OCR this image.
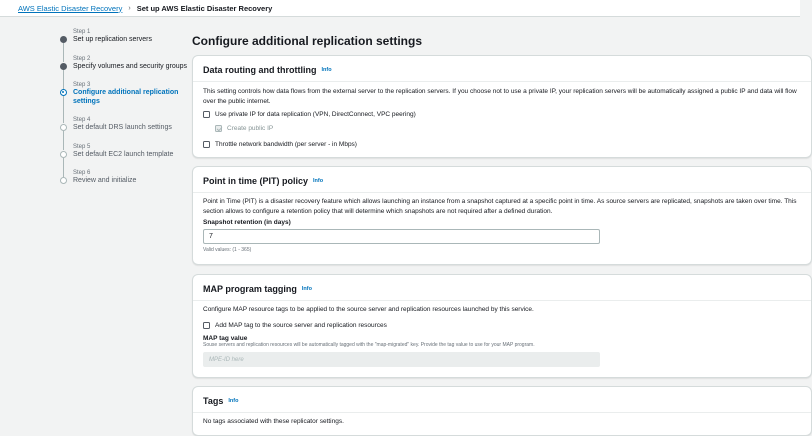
AWS Elastic Disaster Recovery › Set up AWS Elastic Disaster Recovery
Step 1
Set up replication servers
Step 2
Specify volumes and security groups
Step 3
Configure additional replication settings
Step 4
Set default DRS launch settings
Step 5
Set default EC2 launch template
Step 6
Review and initialize
Configure additional replication settings
Data routing and throttling Info
This setting controls how data flows from the external server to the replication servers. If you choose not to use a private IP, your replication servers will be automatically assigned a public IP and data will flow over the public internet.
Use private IP for data replication (VPN, DirectConnect, VPC peering)
Create public IP
Throttle network bandwidth (per server - in Mbps)
Point in time (PIT) policy Info
Point in Time (PIT) is a disaster recovery feature which allows launching an instance from a snapshot captured at a specific point in time. As source servers are replicated, snapshots are taken over time. This section allows to configure a retention policy that will determine which snapshots are not required after a defined duration.
Snapshot retention (in days)
7
Valid values: (1 - 365)
MAP program tagging Info
Configure MAP resource tags to be applied to the source server and replication resources launched by this service.
Add MAP tag to the source server and replication resources
MAP tag value
Souse servers and replication resources will be automatically tagged with the "map-migrated" key. Provide the tag value to use for your MAP program.
MPE-ID here
Tags Info
No tags associated with these replicator settings.
